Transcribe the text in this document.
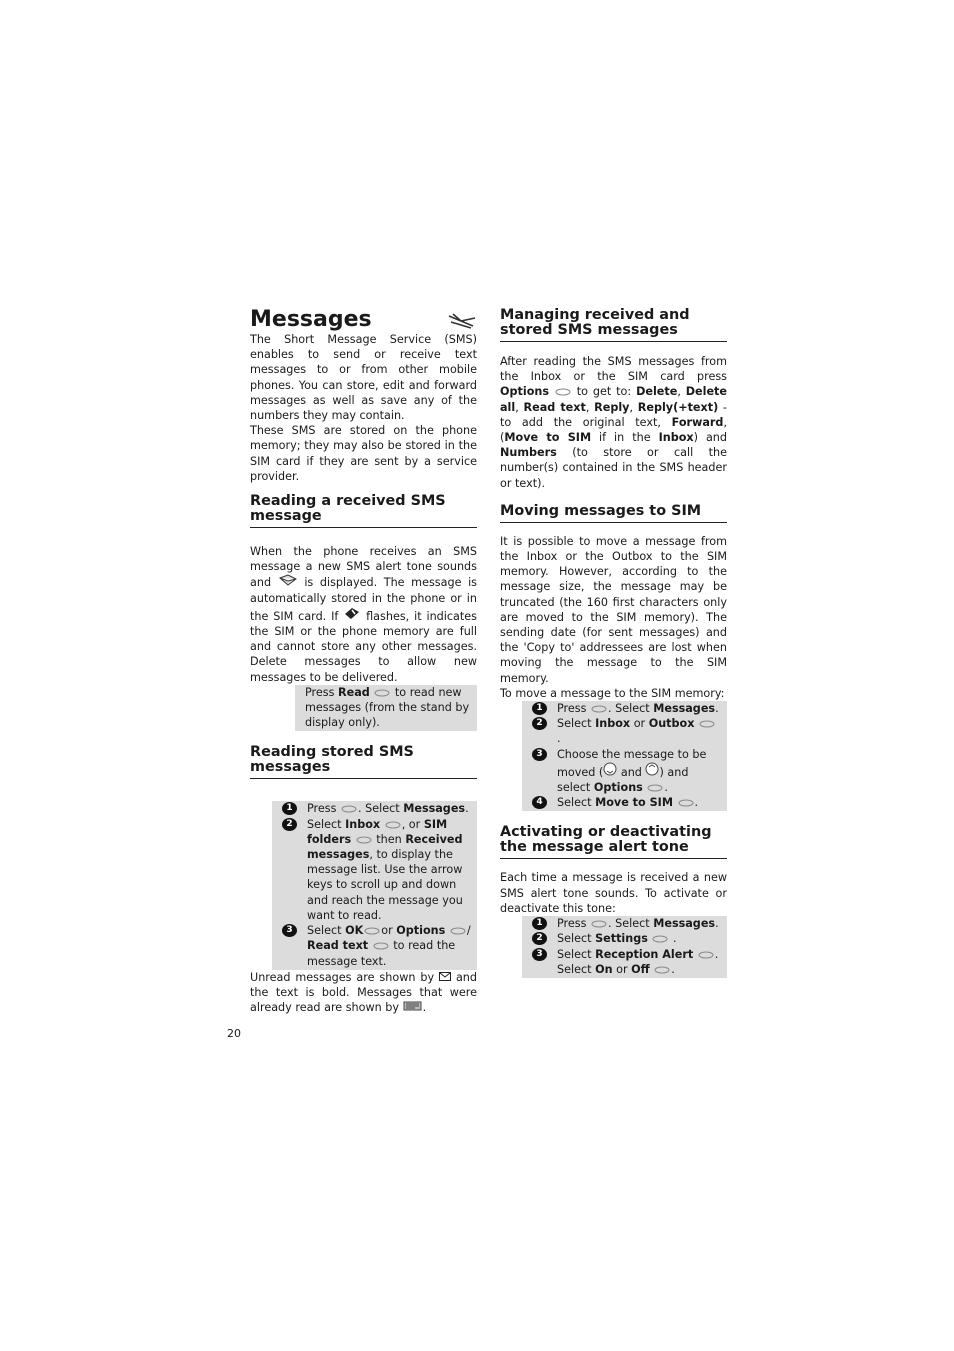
Messages

The Short Message Service (SMS) enables to send or receive text messages to or from other mobile phones. You can store, edit and forward messages as well as save any of the numbers they may contain.

These SMS are stored on the phone memory; they may also be stored in the SIM card if they are sent by a service provider.

Reading a received SMS message

When the phone receives an SMS message a new SMS alert tone sounds and	is displayed. The message is automatically stored in the phone or in the SIM card. If flashes, it indicates the SIM or the phone memory are full and cannot store any other messages. Delete messages to allow new messages to be delivered.

Press Read to read new messages (from the stand by display only).
Reading stored SMS messages
1	Press . Select Messages.
2	Select Inbox , or SIM folders then Received messages, to display the message list. Use the arrow keys to scroll up and down and reach the message you want to read.
3	Select OK or Options / Read text to read the message text.

Unread messages are shown by and the text is bold. Messages that were already read are shown by .

Managing received and stored SMS messages

After reading the SMS messages from the Inbox or the SIM card press Options to get to: Delete, Delete all, Read text, Reply, Reply(+text) - to add the original text, Forward, (Move to SIM if in the Inbox) and Numbers (to store or call the number(s) contained in the SMS header or text).

Moving messages to SIM

It is possible to move a message from the Inbox or the Outbox to the SIM memory. However, according to the message size, the message may be truncated (the 160 first characters only are moved to the SIM memory). The sending date (for sent messages) and the 'Copy to' addressees are lost when moving the message to the SIM memory.

To move a message to the SIM memory:

1	Press . Select Messages.
2	Select Inbox or Outbox
.
3	Choose the message to be moved ( and ) and select Options .
4	Select Move to SIM .
Activating or deactivating the message alert tone

Each time a message is received a new SMS alert tone sounds. To activate or deactivate this tone:

1	Press . Select Messages.
2	Select Settings
.
3	Select Reception Alert . Select On or Off .
20
